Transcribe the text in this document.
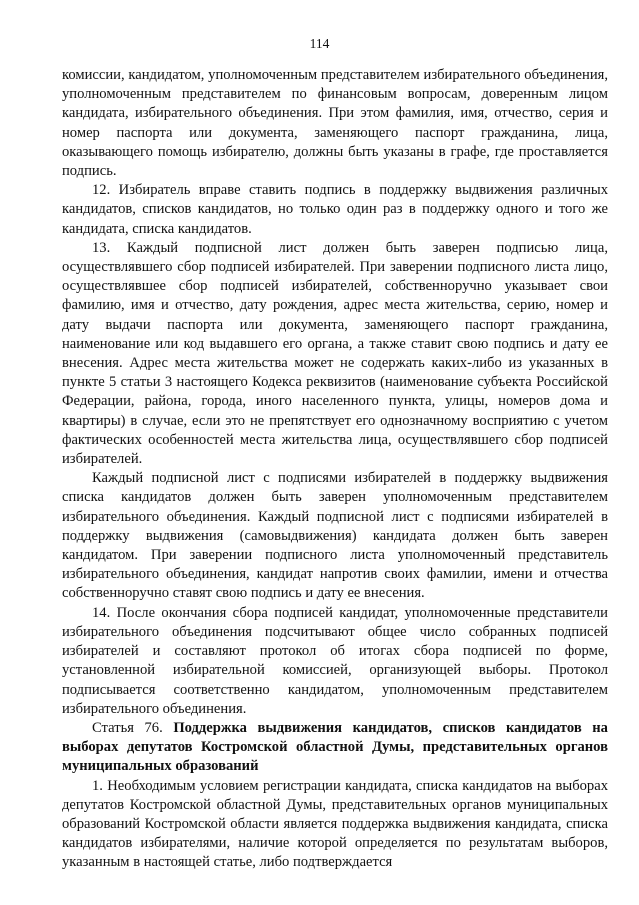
114

комиссии, кандидатом, уполномоченным представителем избирательного объединения, уполномоченным представителем по финансовым вопросам, доверенным лицом кандидата, избирательного объединения. При этом фамилия, имя, отчество, серия и номер паспорта или документа, заменяющего паспорт гражданина, лица, оказывающего помощь избирателю, должны быть указаны в графе, где проставляется подпись.

12. Избиратель вправе ставить подпись в поддержку выдвижения различных кандидатов, списков кандидатов, но только один раз в поддержку одного и того же кандидата, списка кандидатов.

13. Каждый подписной лист должен быть заверен подписью лица, осуществлявшего сбор подписей избирателей. При заверении подписного листа лицо, осуществлявшее сбор подписей избирателей, собственноручно указывает свои фамилию, имя и отчество, дату рождения, адрес места жительства, серию, номер и дату выдачи паспорта или документа, заменяющего паспорт гражданина, наименование или код выдавшего его органа, а также ставит свою подпись и дату ее внесения. Адрес места жительства может не содержать каких-либо из указанных в пункте 5 статьи 3 настоящего Кодекса реквизитов (наименование субъекта Российской Федерации, района, города, иного населенного пункта, улицы, номеров дома и квартиры) в случае, если это не препятствует его однозначному восприятию с учетом фактических особенностей места жительства лица, осуществлявшего сбор подписей избирателей.

Каждый подписной лист с подписями избирателей в поддержку выдвижения списка кандидатов должен быть заверен уполномоченным представителем избирательного объединения. Каждый подписной лист с подписями избирателей в поддержку выдвижения (самовыдвижения) кандидата должен быть заверен кандидатом. При заверении подписного листа уполномоченный представитель избирательного объединения, кандидат напротив своих фамилии, имени и отчества собственноручно ставят свою подпись и дату ее внесения.

14. После окончания сбора подписей кандидат, уполномоченные представители избирательного объединения подсчитывают общее число собранных подписей избирателей и составляют протокол об итогах сбора подписей по форме, установленной избирательной комиссией, организующей выборы. Протокол подписывается соответственно кандидатом, уполномоченным представителем избирательного объединения.

Статья 76. Поддержка выдвижения кандидатов, списков кандидатов на выборах депутатов Костромской областной Думы, представительных органов муниципальных образований

1. Необходимым условием регистрации кандидата, списка кандидатов на выборах депутатов Костромской областной Думы, представительных органов муниципальных образований Костромской области является поддержка выдвижения кандидата, списка кандидатов избирателями, наличие которой определяется по результатам выборов, указанным в настоящей статье, либо подтверждается
